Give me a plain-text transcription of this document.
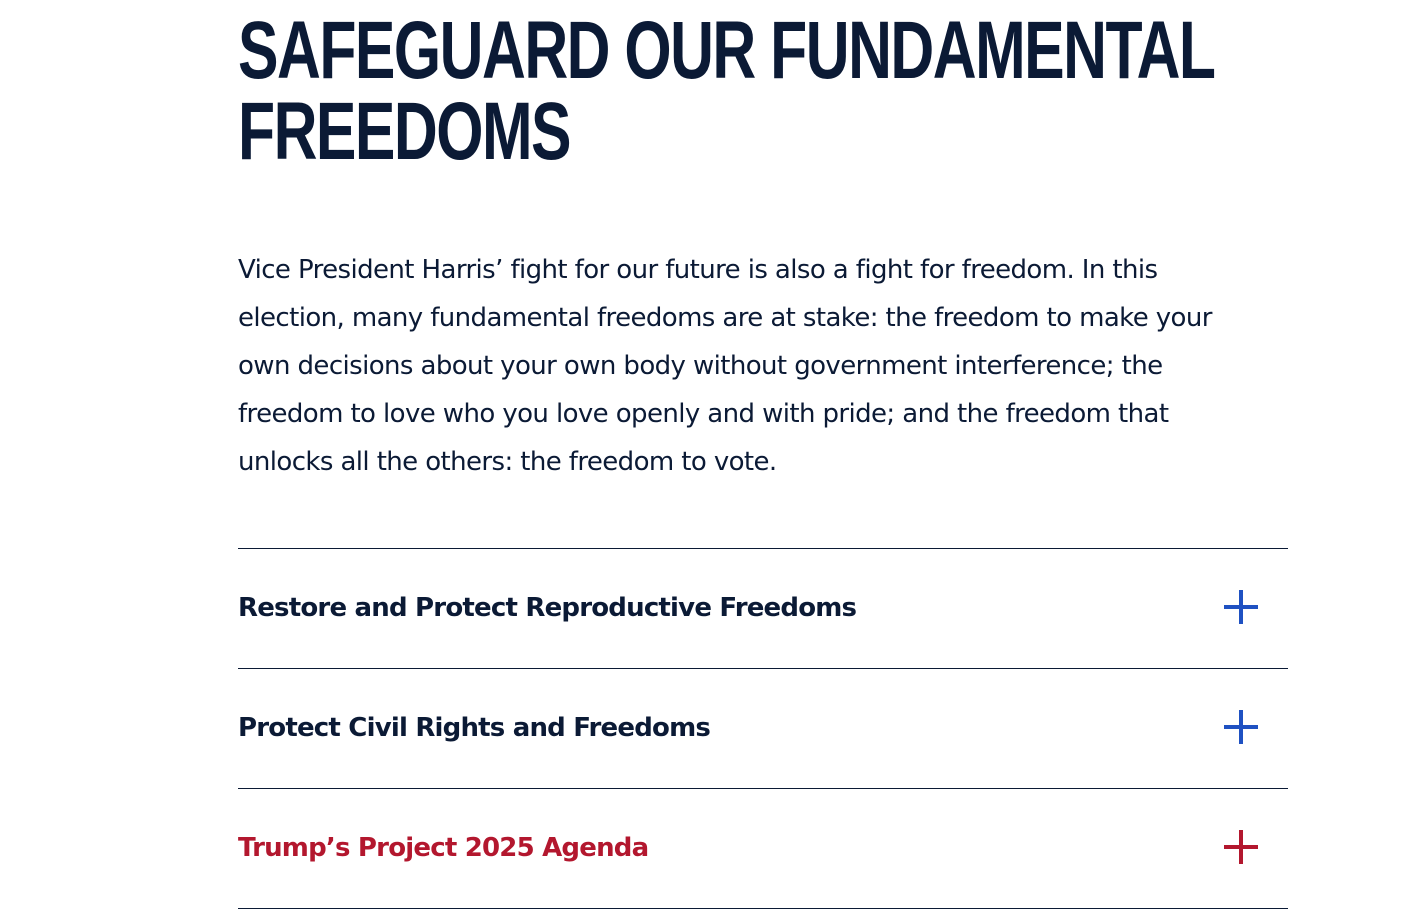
SAFEGUARD OUR FUNDAMENTAL
FREEDOMS

Vice President Harris’ fight for our future is also a fight for freedom. In this election, many fundamental freedoms are at stake: the freedom to make your own decisions about your own body without government interference; the freedom to love who you love openly and with pride; and the freedom that unlocks all the others: the freedom to vote.

Restore and Protect Reproductive Freedoms
Protect Civil Rights and Freedoms
Trump’s Project 2025 Agenda
